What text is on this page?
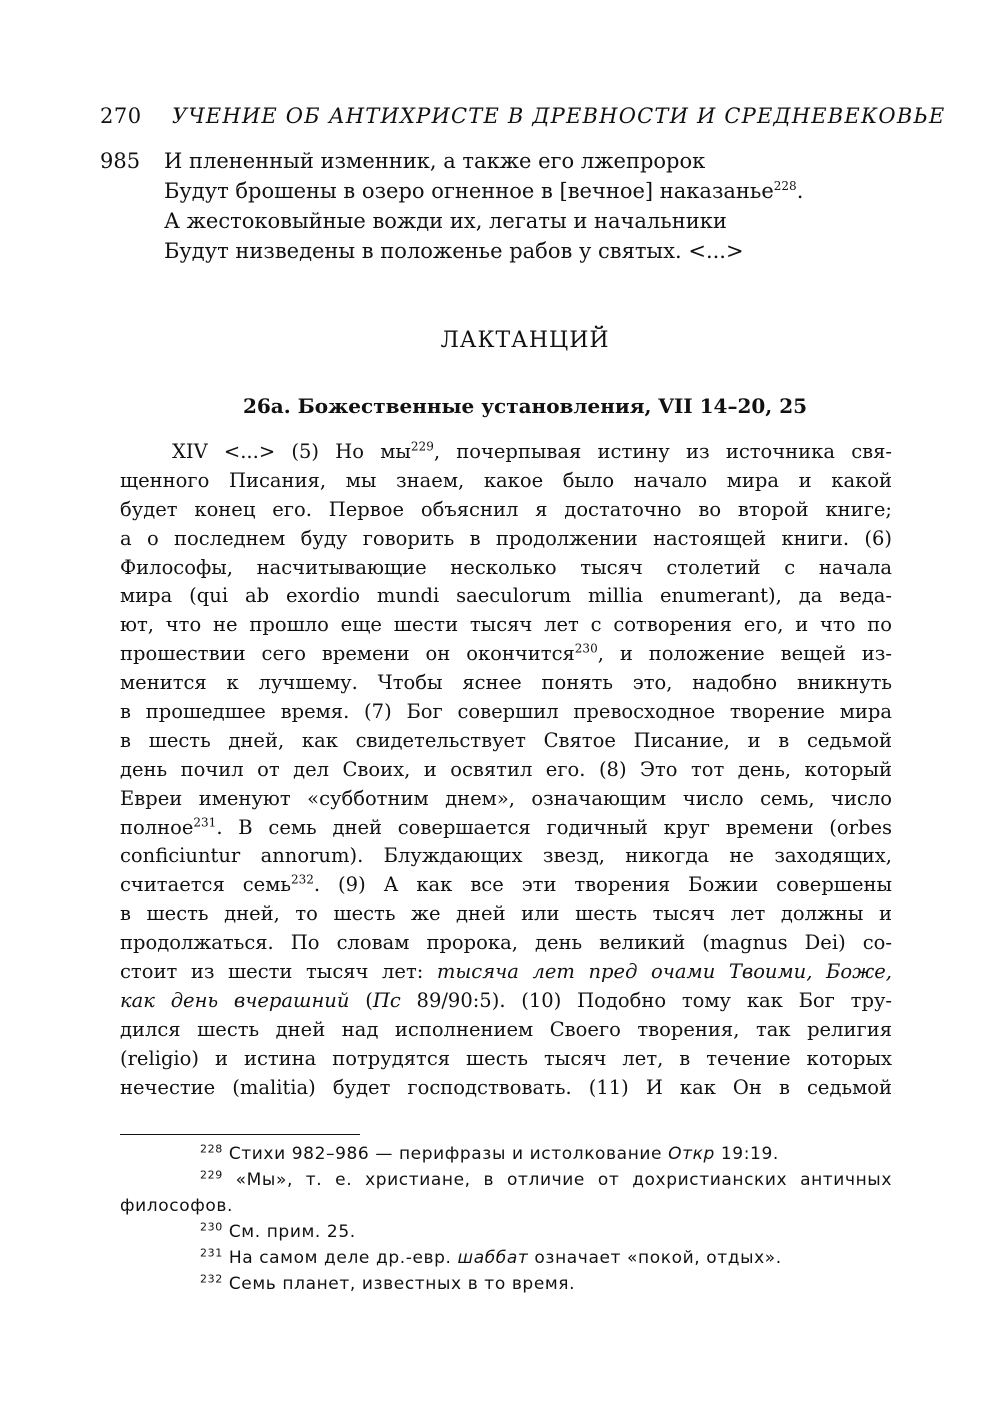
270 УЧЕНИЕ ОБ АНТИХРИСТЕ В ДРЕВНОСТИ И СРЕДНЕВЕКОВЬЕ
985 И плененный изменник, а также его лжепророк
Будут брошены в озеро огненное в [вечное] наказанье$^{228}$.
А жестоковыйные вожди их, легаты и начальники
Будут низведены в положенье рабов у святых. <...>
ЛАКТАНЦИЙ
26а. Божественные установления, VII 14–20, 25
XIV <...> (5) Но $мы^{229}$, почерпывая истину из источника свя-
щенного Писания, мы знаем, какое было начало мира и какой
будет конец его. Первое объяснил я достаточно во второй книге;
а о последнем буду говорить в продолжении настоящей книги. (6)
Философы, насчитывающие несколько тысяч столетий с начала
мира (qui ab exordio mundi saeculorum millia enumerant), да веда-
ют, что не прошло еще шести тысяч лет с сотворения его, и что по
прошествии сего времени он окончится$^{230}$, и положение вещей из-
менится к лучшему. Чтобы яснее понять это, надобно вникнуть
в прошедшее время. (7) Бог совершил превосходное творение мира
в шесть дней, как свидетельствует Святое Писание, и в седьмой
день почил от дел Своих, и освятил его. (8) Это тот день, который
Евреи именуют «субботним днем», означающим число семь, число
полное$^{231}$. В семь дней совершается годичный круг времени (orbes
conficiuntur annorum). Блуждающих звезд, никогда не заходящих,
считается семь$^{232}$. (9) А как все эти творения Божии совершены
в шесть дней, то шесть же дней или шесть тысяч лет должны и
продолжаться. По словам пророка, день великий (magnus Dei) со-
стоит из шести тысяч лет: тысяча лет пред очами Твоими, Боже,
как день вчерашний (Пс 89/90:5). (10) Подобно тому как Бог тру-
дился шесть дней над исполнением Своего творения, так религия
(religio) и истина потрудятся шесть тысяч лет, в течение которых
нечестие (malitia) будет господствовать. (11) И как Он в седьмой
$^{228}$ Стихи 982–986 — перифразы и истолкование Откр 19:19.
$^{229}$ «Мы», т. е. христиане, в отличие от дохристианских античных
философов.
$^{230}$ См. прим. 25.
$^{231}$ На самом деле др.-евр. шаббат означает «покой, отдых».
$^{232}$ Семь планет, известных в то время.
